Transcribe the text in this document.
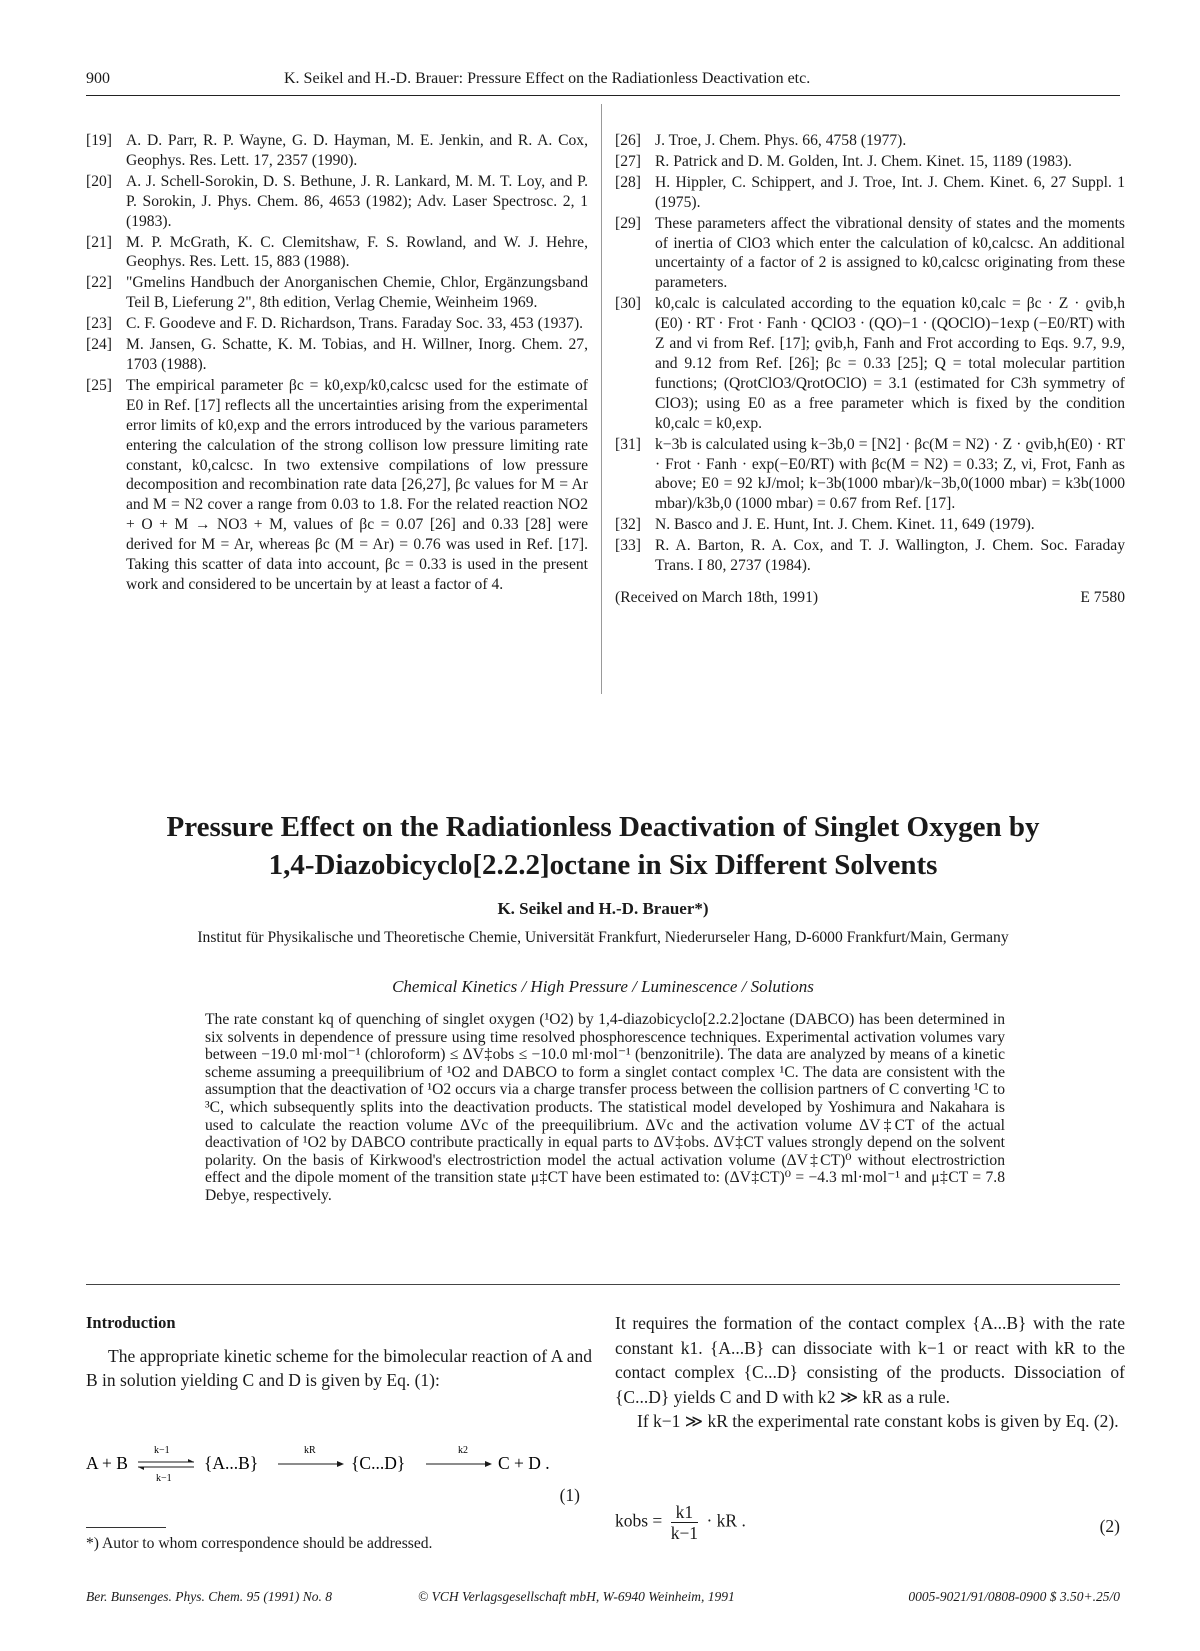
900	K. Seikel and H.-D. Brauer: Pressure Effect on the Radiationless Deactivation etc.
[19] A. D. Parr, R. P. Wayne, G. D. Hayman, M. E. Jenkin, and R. A. Cox, Geophys. Res. Lett. 17, 2357 (1990).
[20] A. J. Schell-Sorokin, D. S. Bethune, J. R. Lankard, M. M. T. Loy, and P. P. Sorokin, J. Phys. Chem. 86, 4653 (1982); Adv. Laser Spectrosc. 2, 1 (1983).
[21] M. P. McGrath, K. C. Clemitshaw, F. S. Rowland, and W. J. Hehre, Geophys. Res. Lett. 15, 883 (1988).
[22] "Gmelins Handbuch der Anorganischen Chemie, Chlor, Ergänzungsband Teil B, Lieferung 2", 8th edition, Verlag Chemie, Weinheim 1969.
[23] C. F. Goodeve and F. D. Richardson, Trans. Faraday Soc. 33, 453 (1937).
[24] M. Jansen, G. Schatte, K. M. Tobias, and H. Willner, Inorg. Chem. 27, 1703 (1988).
[25] The empirical parameter βc = k0,exp/k0,calcsc used for the estimate of E0 in Ref. [17] reflects all the uncertainties arising from the experimental error limits of k0,exp and the errors introduced by the various parameters entering the calculation of the strong collison low pressure limiting rate constant, k0,calcsc. In two extensive compilations of low pressure decomposition and recombination rate data [26,27], βc values for M = Ar and M = N2 cover a range from 0.03 to 1.8. For the related reaction NO2 + O + M → NO3 + M, values of βc = 0.07 [26] and 0.33 [28] were derived for M = Ar, whereas βc (M = Ar) = 0.76 was used in Ref. [17]. Taking this scatter of data into account, βc = 0.33 is used in the present work and considered to be uncertain by at least a factor of 4.
[26] J. Troe, J. Chem. Phys. 66, 4758 (1977).
[27] R. Patrick and D. M. Golden, Int. J. Chem. Kinet. 15, 1189 (1983).
[28] H. Hippler, C. Schippert, and J. Troe, Int. J. Chem. Kinet. 6, 27 Suppl. 1 (1975).
[29] These parameters affect the vibrational density of states and the moments of inertia of ClO3 which enter the calculation of k0,calcsc. An additional uncertainty of a factor of 2 is assigned to k0,calcsc originating from these parameters.
[30] k0,calc is calculated according to the equation k0,calc = βc · Z · ϱvib,h (E0) · RT · Frot · Fanh · QClO3 · (QO)−1 · (QOClO)−1exp (−E0/RT) with Z and νi from Ref. [17]; ϱvib,h, Fanh and Frot according to Eqs. 9.7, 9.9, and 9.12 from Ref. [26]; βc = 0.33 [25]; Q = total molecular partition functions; (QrotClO3/QrotOClO) = 3.1 (estimated for C3h symmetry of ClO3); using E0 as a free parameter which is fixed by the condition k0,calc = k0,exp.
[31] k−3b is calculated using k−3b,0 = [N2] · βc(M = N2) · Z · ϱvib,h(E0) · RT · Frot · Fanh · exp(−E0/RT) with βc(M = N2) = 0.33; Z, νi, Frot, Fanh as above; E0 = 92 kJ/mol; k−3b(1000 mbar)/k−3b,0(1000 mbar) = k3b(1000 mbar)/k3b,0 (1000 mbar) = 0.67 from Ref. [17].
[32] N. Basco and J. E. Hunt, Int. J. Chem. Kinet. 11, 649 (1979).
[33] R. A. Barton, R. A. Cox, and T. J. Wallington, J. Chem. Soc. Faraday Trans. I 80, 2737 (1984).
(Received on March 18th, 1991)	E 7580
Pressure Effect on the Radiationless Deactivation of Singlet Oxygen by
1,4-Diazobicyclo[2.2.2]octane in Six Different Solvents
K. Seikel and H.-D. Brauer*)
Institut für Physikalische und Theoretische Chemie, Universität Frankfurt, Niederurseler Hang, D-6000 Frankfurt/Main, Germany
Chemical Kinetics / High Pressure / Luminescence / Solutions
The rate constant kq of quenching of singlet oxygen (¹O2) by 1,4-diazobicyclo[2.2.2]octane (DABCO) has been determined in six solvents in dependence of pressure using time resolved phosphorescence techniques. Experimental activation volumes vary between −19.0 ml·mol⁻¹ (chloroform) ≤ ΔV‡obs ≤ −10.0 ml·mol⁻¹ (benzonitrile). The data are analyzed by means of a kinetic scheme assuming a preequilibrium of ¹O2 and DABCO to form a singlet contact complex ¹C. The data are consistent with the assumption that the deactivation of ¹O2 occurs via a charge transfer process between the collision partners of C converting ¹C to ³C, which subsequently splits into the deactivation products. The statistical model developed by Yoshimura and Nakahara is used to calculate the reaction volume ΔVc of the preequilibrium. ΔVc and the activation volume ΔV‡CT of the actual deactivation of ¹O2 by DABCO contribute practically in equal parts to ΔV‡obs. ΔV‡CT values strongly depend on the solvent polarity. On the basis of Kirkwood's electrostriction model the actual activation volume (ΔV‡CT)⁰ without electrostriction effect and the dipole moment of the transition state μ‡CT have been estimated to: (ΔV‡CT)⁰ = −4.3 ml·mol⁻¹ and μ‡CT = 7.8 Debye, respectively.
Introduction

The appropriate kinetic scheme for the bimolecular reaction of A and B in solution yielding C and D is given by Eq. (1):

A + B
k−1
k−1
{A...B}
kR
{C...D}
k2
C + D .
(1)

It requires the formation of the contact complex {A...B} with the rate constant k1. {A...B} can dissociate with k−1 or react with kR to the contact complex {C...D} consisting of the products. Dissociation of {C...D} yields C and D with k2 ≫ kR as a rule.

If k−1 ≫ kR the experimental rate constant kobs is given by Eq. (2).

kobs = $\frac{k1}{k-1}$ · kR .	(2)
*) Autor to whom correspondence should be addressed.
Ber. Bunsenges. Phys. Chem. 95 (1991) No. 8	© VCH Verlagsgesellschaft mbH, W-6940 Weinheim, 1991	0005-9021/91/0808-0900 $ 3.50+.25/0
